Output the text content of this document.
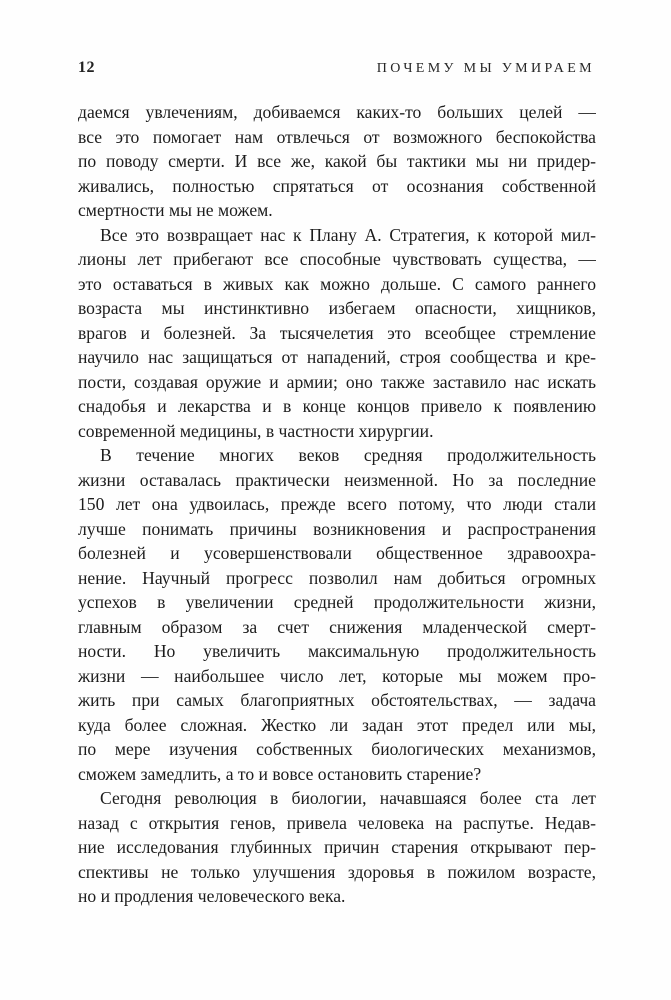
12	ПОЧЕМУ МЫ УМИРАЕМ
даемся увлечениям, добиваемся каких-то больших целей —
все это помогает нам отвлечься от возможного беспокойства
по поводу смерти. И все же, какой бы тактики мы ни придер-
живались, полностью спрятаться от осознания собственной
смертности мы не можем.
Все это возвращает нас к Плану А. Стратегия, к которой мил-
лионы лет прибегают все способные чувствовать существа, —
это оставаться в живых как можно дольше. С самого раннего
возраста мы инстинктивно избегаем опасности, хищников,
врагов и болезней. За тысячелетия это всеобщее стремление
научило нас защищаться от нападений, строя сообщества и кре-
пости, создавая оружие и армии; оно также заставило нас искать
снадобья и лекарства и в конце концов привело к появлению
современной медицины, в частности хирургии.
В течение многих веков средняя продолжительность
жизни оставалась практически неизменной. Но за последние
150 лет она удвоилась, прежде всего потому, что люди стали
лучше понимать причины возникновения и распространения
болезней и усовершенствовали общественное здравоохра-
нение. Научный прогресс позволил нам добиться огромных
успехов в увеличении средней продолжительности жизни,
главным образом за счет снижения младенческой смерт-
ности. Но увеличить максимальную продолжительность
жизни — наибольшее число лет, которые мы можем про-
жить при самых благоприятных обстоятельствах, — задача
куда более сложная. Жестко ли задан этот предел или мы,
по мере изучения собственных биологических механизмов,
сможем замедлить, а то и вовсе остановить старение?
Сегодня революция в биологии, начавшаяся более ста лет
назад с открытия генов, привела человека на распутье. Недав-
ние исследования глубинных причин старения открывают пер-
спективы не только улучшения здоровья в пожилом возрасте,
но и продления человеческого века.
